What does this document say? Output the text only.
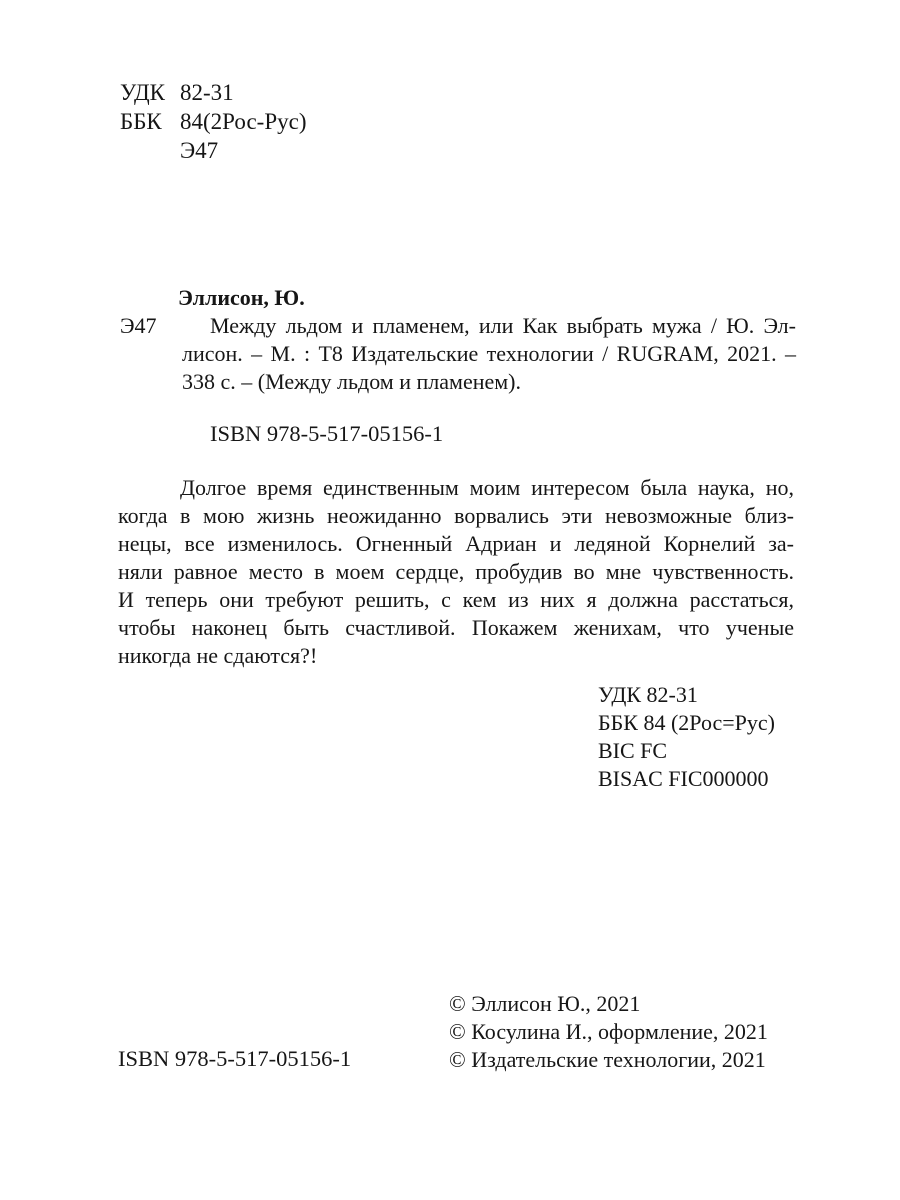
УДК 82-31
ББК 84(2Рос-Рус)
Э47
Эллисон, Ю.
Э47	Между льдом и пламенем, или Как выбрать мужа / Ю. Эл-
лисон. – М. : Т8 Издательские технологии / RUGRAM, 2021. –
338 с. – (Между льдом и пламенем).
ISBN 978-5-517-05156-1
Долгое время единственным моим интересом была наука, но,
когда в мою жизнь неожиданно ворвались эти невозможные близ-
нецы, все изменилось. Огненный Адриан и ледяной Корнелий за-
няли равное место в моем сердце, пробудив во мне чувственность.
И теперь они требуют решить, с кем из них я должна расстаться,
чтобы наконец быть счастливой. Покажем женихам, что ученые
никогда не сдаются?!
УДК 82-31
ББК 84 (2Рос=Рус)
BIC FC
BISAC FIC000000
© Эллисон Ю., 2021
© Косулина И., оформление, 2021
© Издательские технологии, 2021
ISBN 978-5-517-05156-1
